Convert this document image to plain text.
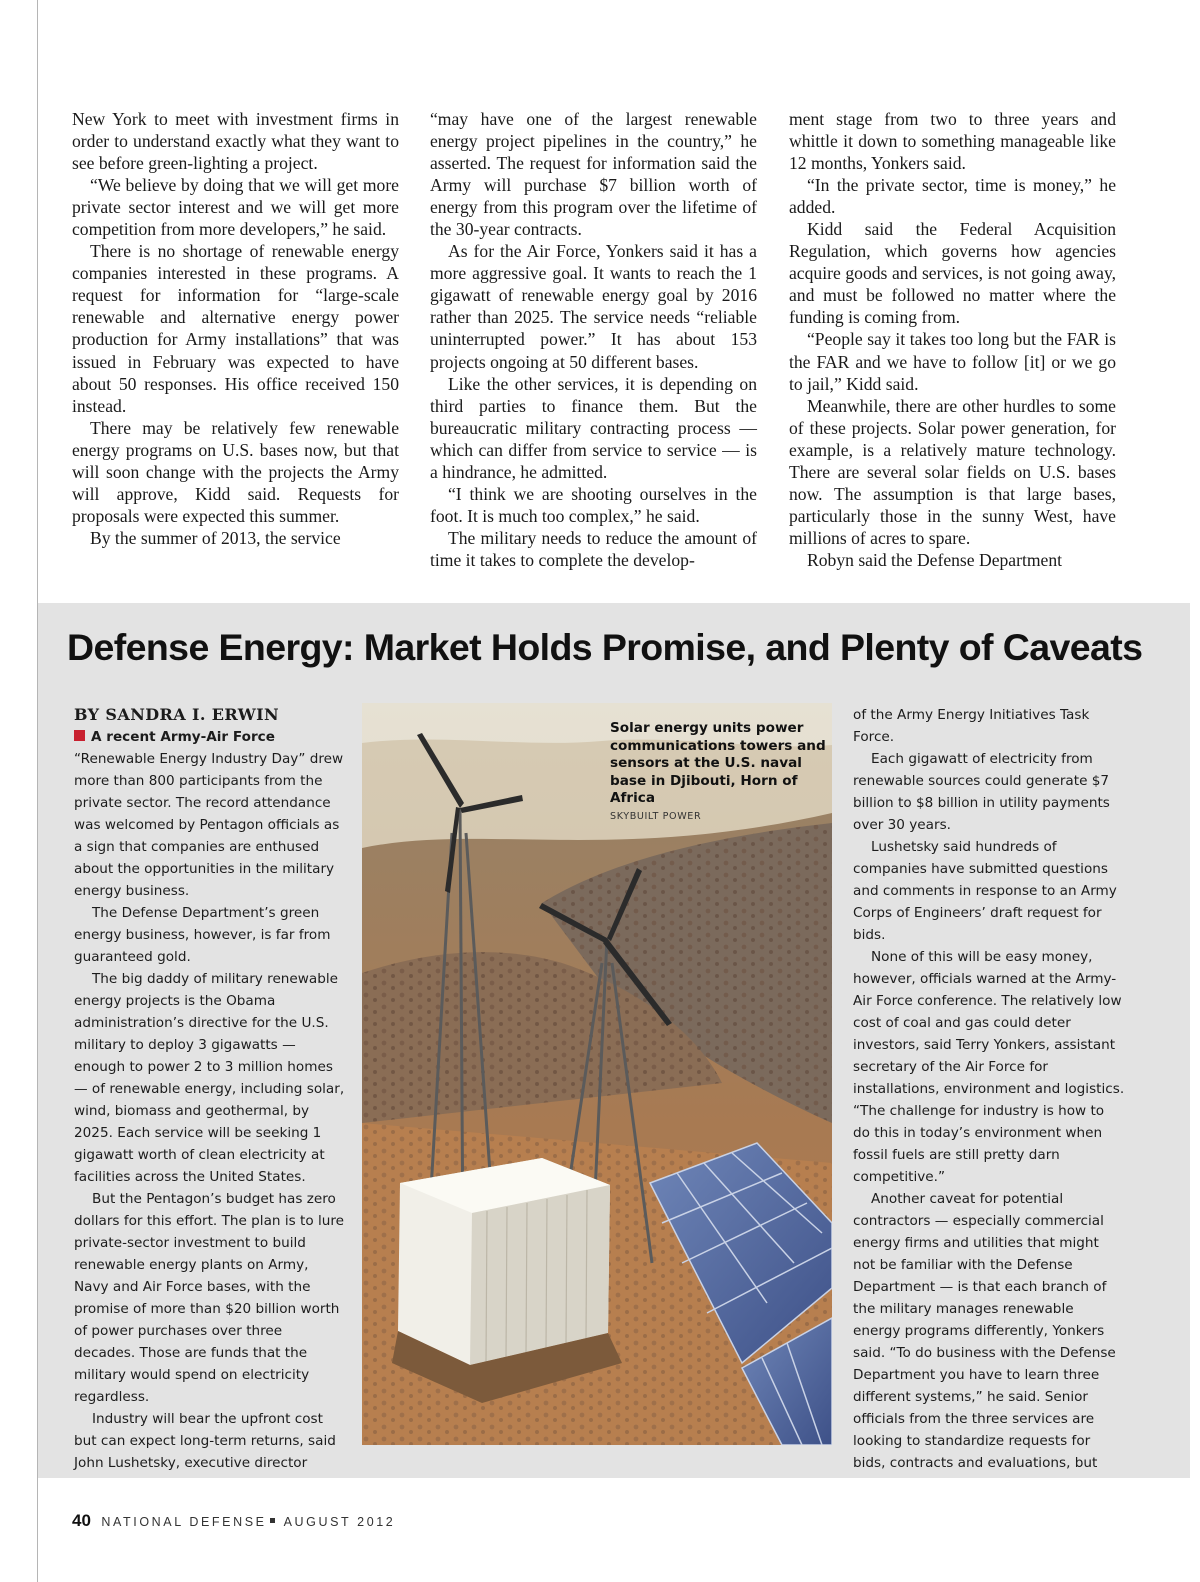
New York to meet with investment firms in order to understand exactly what they want to see before green-lighting a project.

“We believe by doing that we will get more private sector interest and we will get more competition from more developers,” he said.

There is no shortage of renewable energy companies interested in these programs. A request for information for “large-scale renewable and alternative energy power production for Army installations” that was issued in February was expected to have about 50 responses. His office received 150 instead.

There may be relatively few renewable energy programs on U.S. bases now, but that will soon change with the projects the Army will approve, Kidd said. Requests for proposals were expected this summer.

By the summer of 2013, the service

“may have one of the largest renewable energy project pipelines in the country,” he asserted. The request for information said the Army will purchase $7 billion worth of energy from this program over the lifetime of the 30-year contracts.

As for the Air Force, Yonkers said it has a more aggressive goal. It wants to reach the 1 gigawatt of renewable energy goal by 2016 rather than 2025. The service needs “reliable uninterrupted power.” It has about 153 projects ongoing at 50 different bases.

Like the other services, it is depending on third parties to finance them. But the bureaucratic military contracting process — which can differ from service to service — is a hindrance, he admitted.

“I think we are shooting ourselves in the foot. It is much too complex,” he said.

The military needs to reduce the amount of time it takes to complete the develop-

ment stage from two to three years and whittle it down to something manageable like 12 months, Yonkers said.

“In the private sector, time is money,” he added.

Kidd said the Federal Acquisition Regulation, which governs how agencies acquire goods and services, is not going away, and must be followed no matter where the funding is coming from.

“People say it takes too long but the FAR is the FAR and we have to follow [it] or we go to jail,” Kidd said.

Meanwhile, there are other hurdles to some of these projects. Solar power generation, for example, is a relatively mature technology. There are several solar fields on U.S. bases now. The assumption is that large bases, particularly those in the sunny West, have millions of acres to spare.

Robyn said the Defense Department

Defense Energy: Market Holds Promise, and Plenty of Caveats
BY SANDRA I. ERWIN

A recent Army-Air Force “Renewable Energy Industry Day” drew more than 800 participants from the private sector. The record attendance was welcomed by Pentagon officials as a sign that companies are enthused about the opportunities in the military energy business.

The Defense Department’s green energy business, however, is far from guaranteed gold.

The big daddy of military renewable energy projects is the Obama administration’s directive for the U.S. military to deploy 3 gigawatts — enough to power 2 to 3 million homes — of renewable energy, including solar, wind, biomass and geothermal, by 2025. Each service will be seeking 1 gigawatt worth of clean electricity at facilities across the United States.

But the Pentagon’s budget has zero dollars for this effort. The plan is to lure private-sector investment to build renewable energy plants on Army, Navy and Air Force bases, with the promise of more than $20 billion worth of power purchases over three decades. Those are funds that the military would spend on electricity regardless.

Industry will bear the upfront cost but can expect long-term returns, said John Lushetsky, executive director

Solar energy units power communications towers and sensors at the U.S. naval base in Djibouti, Horn of Africa
SKYBUILT POWER

of the Army Energy Initiatives Task Force.

Each gigawatt of electricity from renewable sources could generate $7 billion to $8 billion in utility payments over 30 years.

Lushetsky said hundreds of companies have submitted questions and comments in response to an Army Corps of Engineers’ draft request for bids.

None of this will be easy money, however, officials warned at the Army-Air Force conference. The relatively low cost of coal and gas could deter investors, said Terry Yonkers, assistant secretary of the Air Force for installations, environment and logistics. “The challenge for industry is how to do this in today’s environment when fossil fuels are still pretty darn competitive.”

Another caveat for potential contractors — especially commercial energy firms and utilities that might not be familiar with the Defense Department — is that each branch of the military manages renewable energy programs differently, Yonkers said. “To do business with the Defense Department you have to learn three different systems,” he said. Senior officials from the three services are looking to standardize requests for bids, contracts and evaluations, but

40 NATIONAL DEFENSE AUGUST 2012
